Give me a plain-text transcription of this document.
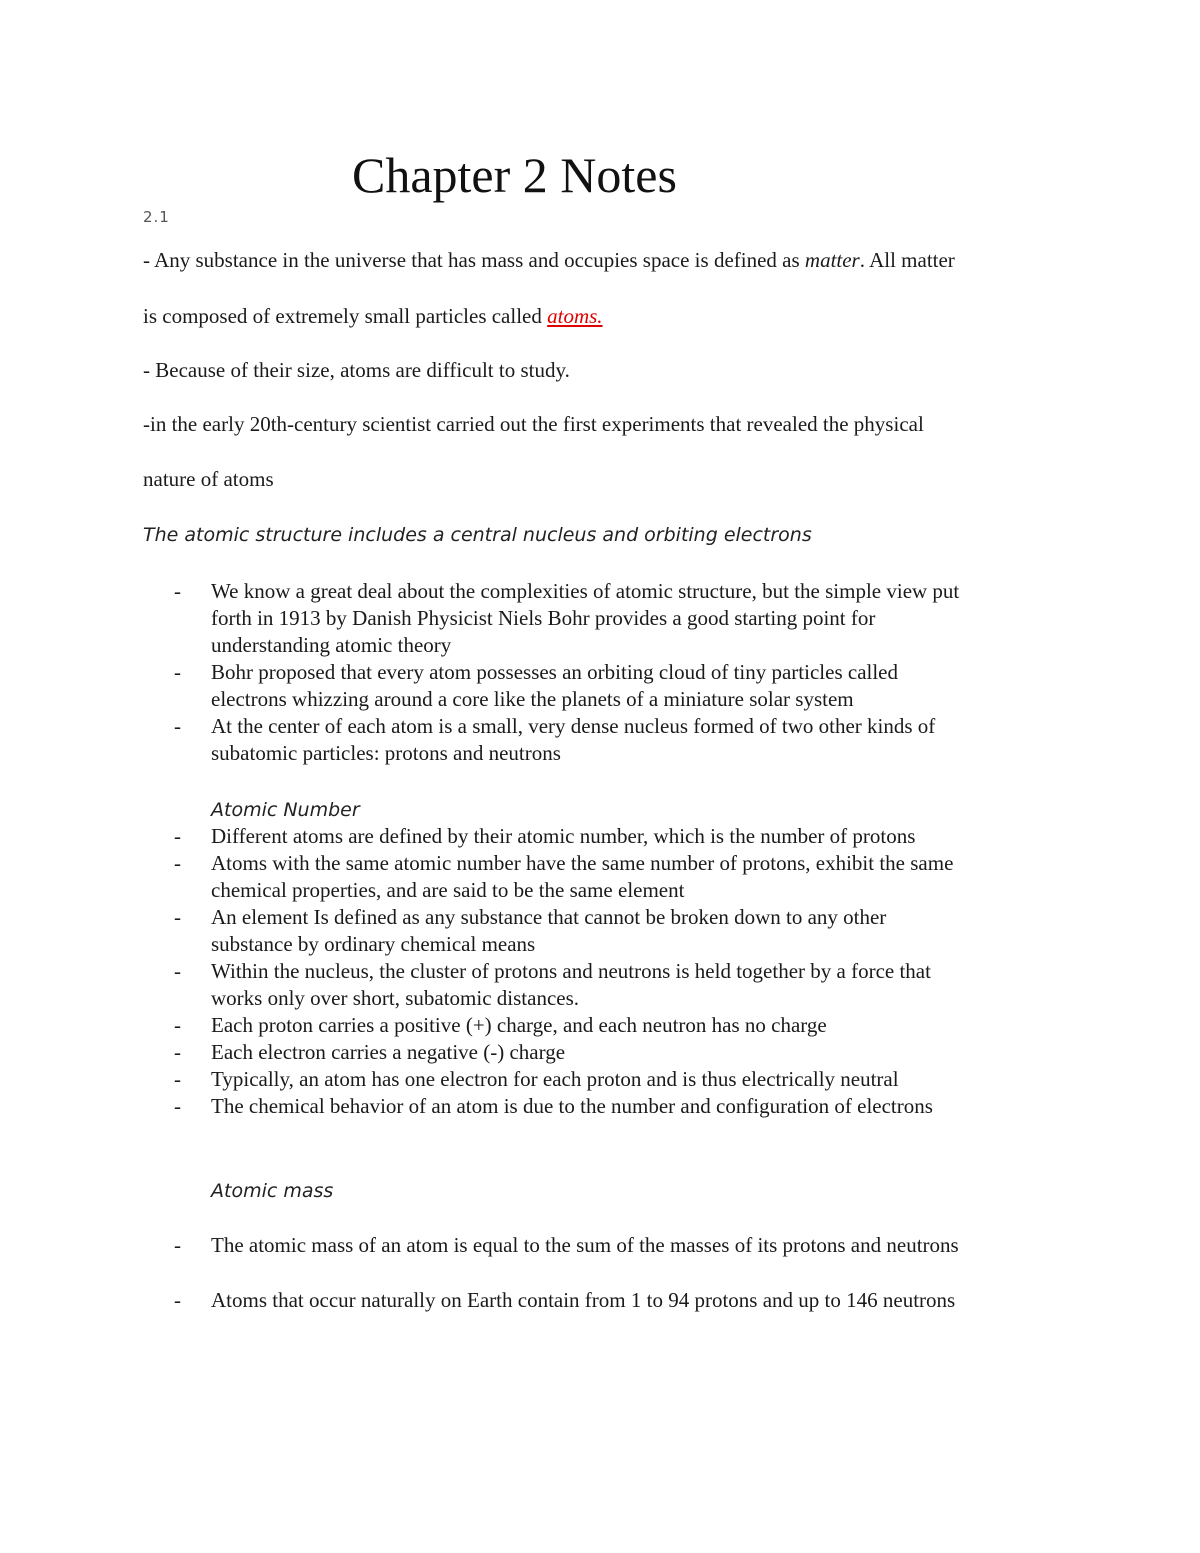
Chapter 2 Notes
2.1
- Any substance in the universe that has mass and occupies space is defined as matter. All matter
is composed of extremely small particles called atoms.
- Because of their size, atoms are difficult to study.
-in the early 20th-century scientist carried out the first experiments that revealed the physical
nature of atoms
The atomic structure includes a central nucleus and orbiting electrons
- We know a great deal about the complexities of atomic structure, but the simple view put
forth in 1913 by Danish Physicist Niels Bohr provides a good starting point for
understanding atomic theory
- Bohr proposed that every atom possesses an orbiting cloud of tiny particles called
electrons whizzing around a core like the planets of a miniature solar system
- At the center of each atom is a small, very dense nucleus formed of two other kinds of
subatomic particles: protons and neutrons
Atomic Number
- Different atoms are defined by their atomic number, which is the number of protons
- Atoms with the same atomic number have the same number of protons, exhibit the same
chemical properties, and are said to be the same element
- An element Is defined as any substance that cannot be broken down to any other
substance by ordinary chemical means
- Within the nucleus, the cluster of protons and neutrons is held together by a force that
works only over short, subatomic distances.
- Each proton carries a positive (+) charge, and each neutron has no charge
- Each electron carries a negative (-) charge
- Typically, an atom has one electron for each proton and is thus electrically neutral
- The chemical behavior of an atom is due to the number and configuration of electrons
Atomic mass
- The atomic mass of an atom is equal to the sum of the masses of its protons and neutrons
- Atoms that occur naturally on Earth contain from 1 to 94 protons and up to 146 neutrons
